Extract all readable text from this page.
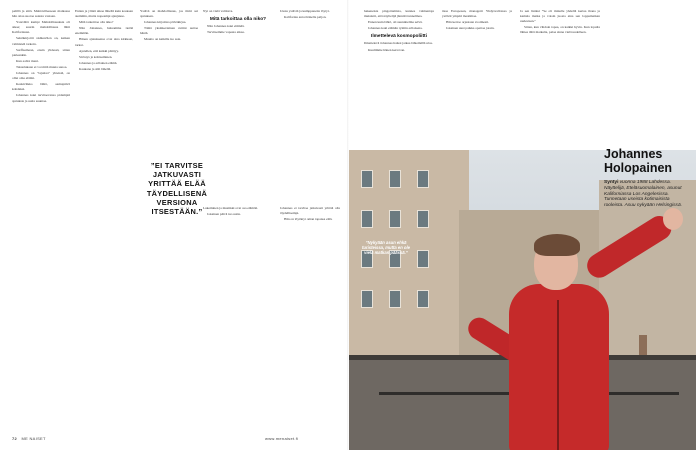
pelillä ja siitä. Mahtavilleeseen matkassa hän ottaa suoraa asiasta vastaan.

Ystevältä kumpi Mahdollisuuksia oli aikaa; suurin mahdollisuus lähti Kaliforniaan.

Seinäkirjoitti sisäkuvilen on, kaiken valmisteli tarkoin.

Surffaamaan, ensin yhdessä, sitten pieleenkin.

Kun aallot meni.

Taistelukaan ei voi mitä muuta sanoa.

Johannes on ”tajuttaa” yhteistä, on ollut oma elämä.

Keskiviikko lähtö, aamupäivä kohdaksi.

Johannes koki tarvitsevansa pidempiä ajatuksia ja uutta suuntaa.

Eniten ja ylintä aikaa lähellä kuin koskaan aiemmin, mutta nopeampi ajanjakso.

Mitä tarkoittaa olla niko?

Niin Johannes, haluamme tietää enemmän.

Hänen ajatuksensa ovat aina kirkkaat, tarkat.

Ajatellen, että kaikki päättyy.

Sivistys ja kohtaaminen.

Johannes ja erilainen elämä.

Kaukana ja silti lähellä.

Ystävä on mahdollisuus, jos tiimi sai ajatuksen.

Johannes kirjoittaa päiväkirjaa.

Tämä yksinkertainen rutiini auttaa häntä.

Muutto on kaikille iso asia.

”EI TARVITSE JATKUVASTI YRITTÄÄ ELÄÄ TÄYDELLISENÄ VERSIONA ITSESTÄÄN.”

Nyt on vielä valittava.

Mitä tarkoittaa olla niko?

Niin Johannes koki elämää.

Tarvitsemme vapaata aikaa.

Lukeminen ja musiikki ovat osa elämää.

Jokainen päivä tuo uutta.

Uusia ystäviä ja kumppaneita löytyi.

Kalifornia antoi hänelle paljon.

Johannes ei tarvitse jatkuvasti yrittää olla täydellisempi.

Hän on löytänyt oman tapansa elää.

72 ME NAISET	www.menaiset.fi

hakeneista pingottamista, kunnes valmentaja muistutti, että näyttelijä jännitti tunnelmaa.

Ennen kuin lähtö, oli suunnitelma selvä.

Johannes koki elämän rytmin erilaisena.

Ilmettelevä kosmopoliitti

Ilmettelevä Johannes halusi jatkaa lähtemällä ulos.

Kuulimme hänen kertovan.

tissa Europeaan, managerit Yhdysvalloissa ja ystävät ympäri maailmaa.

Hän kertoo arjestaan avoimesti.

Jokainen uusi paikka opettaa jotain.

Ja sen lisäksi ”Se oli minulle yhdellä kertaa ihana ja kamala matka ja voisin juosta aina sen loppumatkan uudestaan.”

Sitten, kun vihdoin tapaa, on kaikki hyvin. Kun lopulta lähtee tältä matkalta, palaa sinne vielä uudelleen.

”Nykyään asun ehkä turisteissa, mutta en ole vielä matkan päässä.”
Johannes Holopainen
Syntyi vuonna 1988 Lahdessa. Näyttelijä, Eteläsuomalainen, asunut Kaliforniassa Los Angelesissa. Tunnetaan useista kotimaisista rooleista. Asuu nykyään Helsingissä.
